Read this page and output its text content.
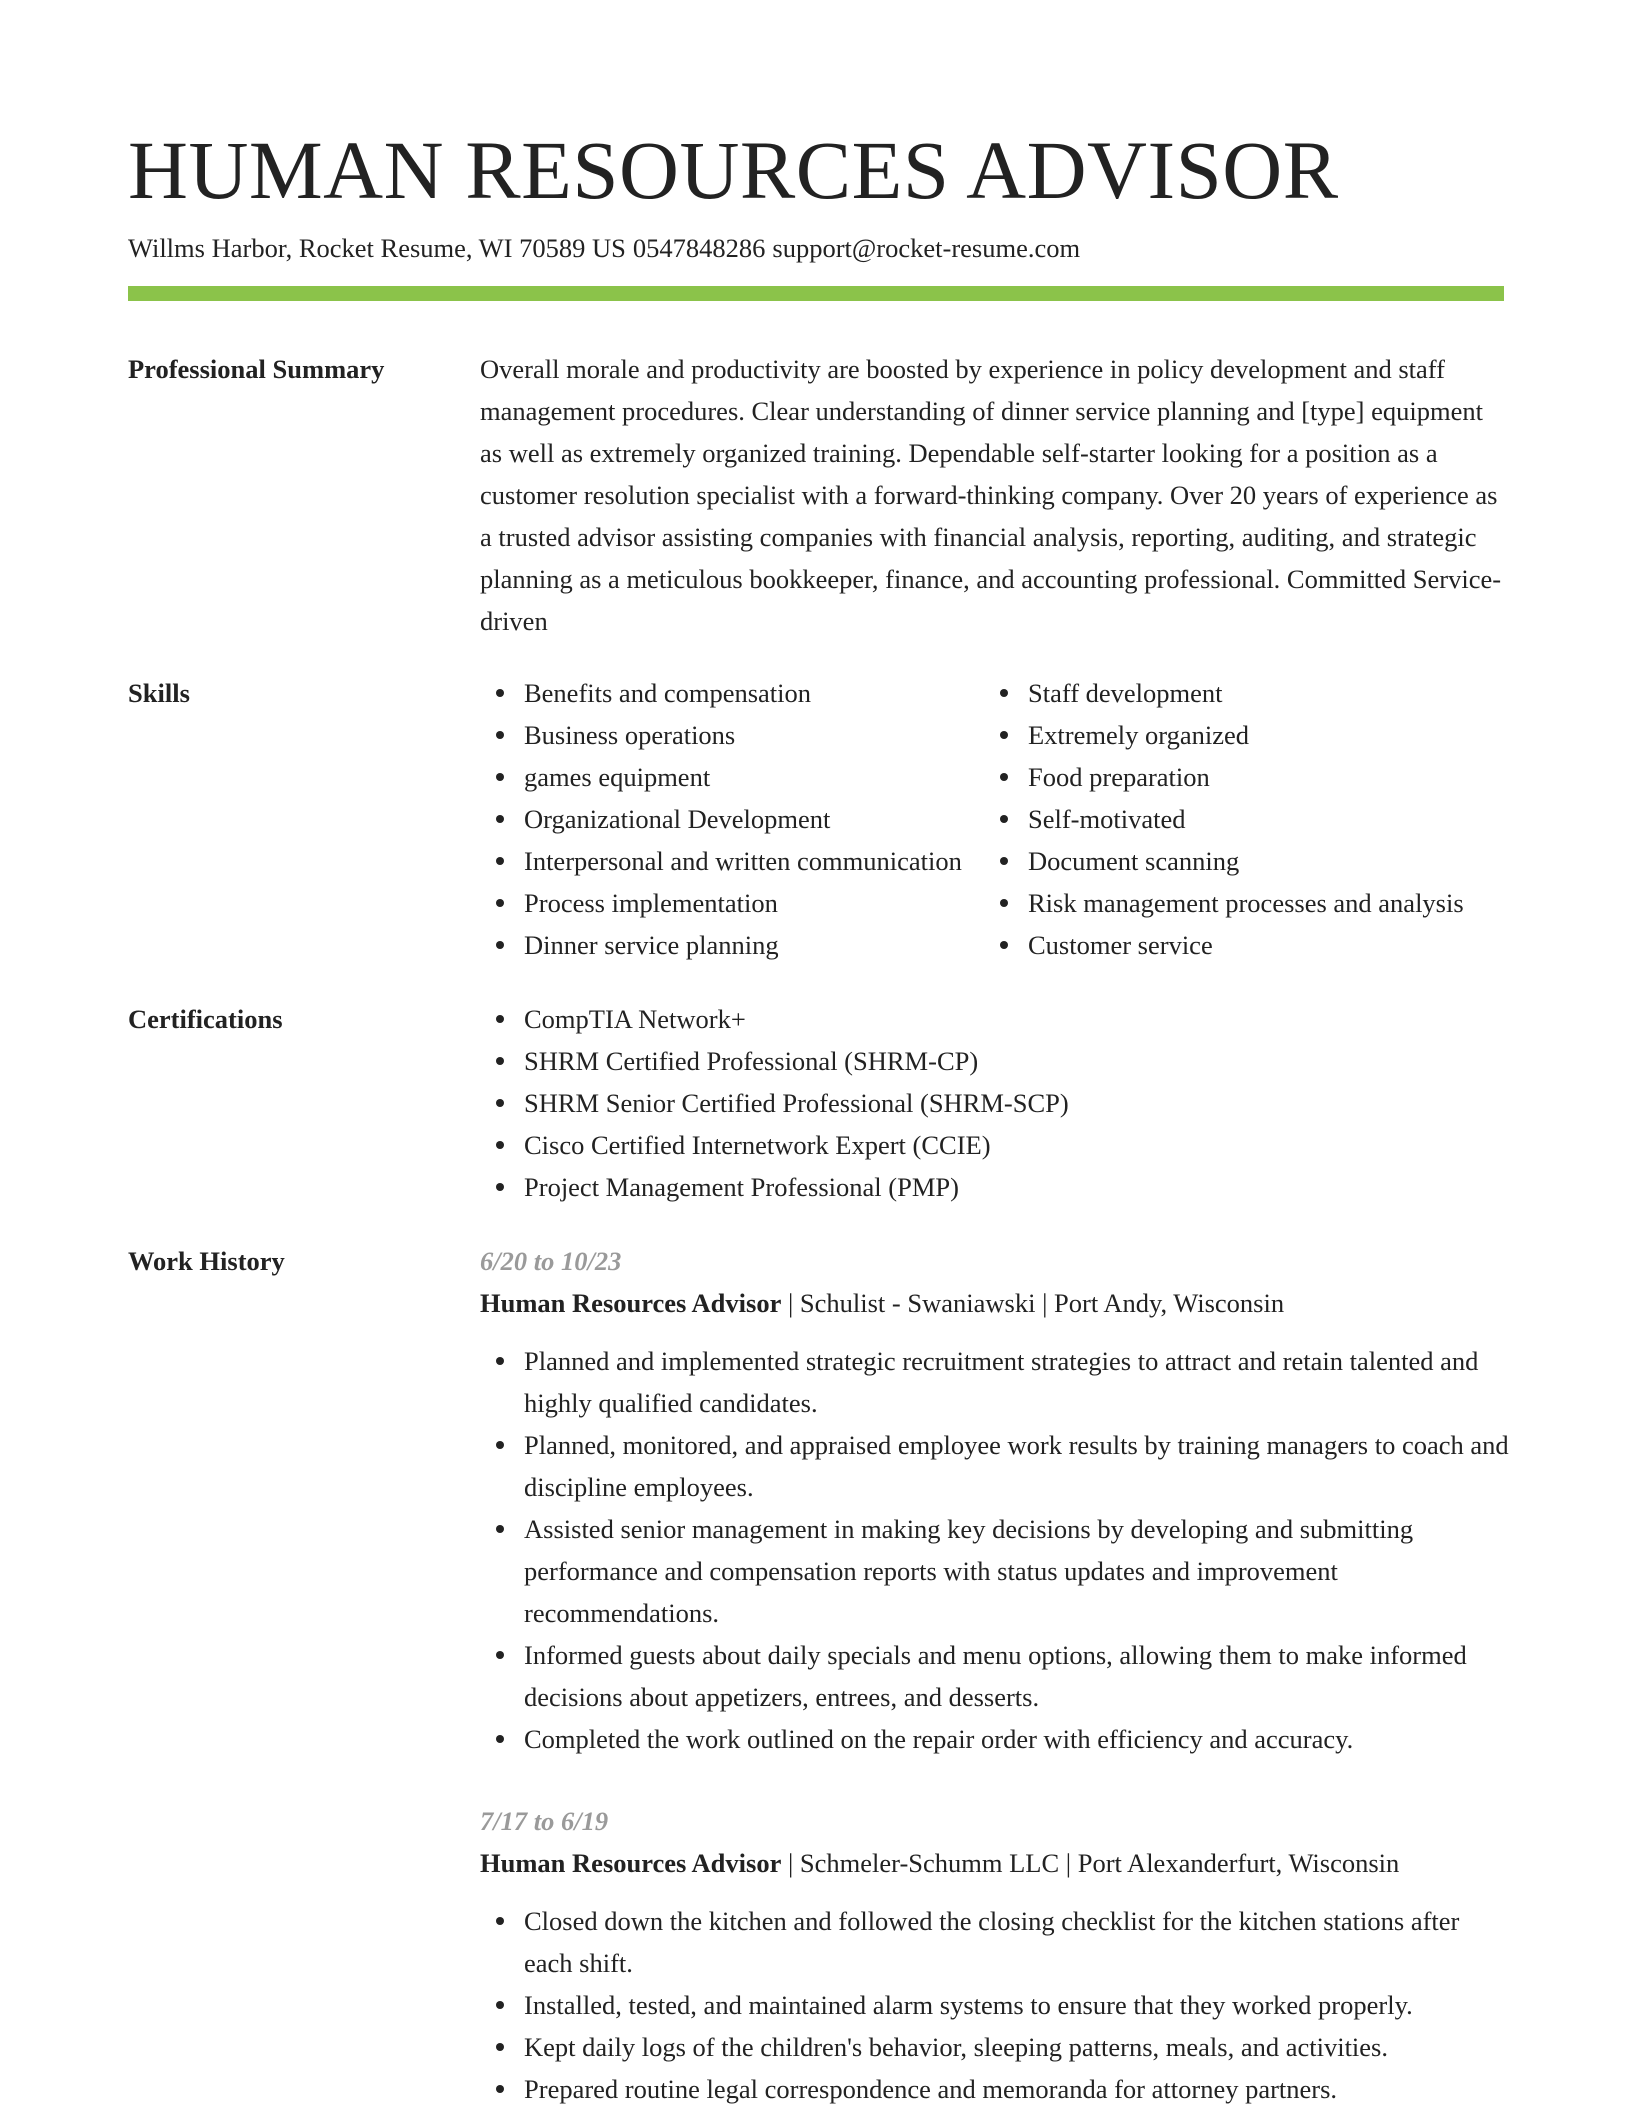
HUMAN RESOURCES ADVISOR
Willms Harbor, Rocket Resume, WI 70589 US 0547848286 support@rocket-resume.com
Professional Summary	Overall morale and productivity are boosted by experience in policy development and staff management procedures. Clear understanding of dinner service planning and [type] equipment as well as extremely organized training. Dependable self-starter looking for a position as a customer resolution specialist with a forward-thinking company. Over 20 years of experience as a trusted advisor assisting companies with financial analysis, reporting, auditing, and strategic planning as a meticulous bookkeeper, finance, and accounting professional. Committed Service-driven

Skills	Benefits and compensation
Business operations
games equipment
Organizational Development
Interpersonal and written communication
Process implementation
Dinner service planning
Staff development
Extremely organized
Food preparation
Self-motivated
Document scanning
Risk management processes and analysis
Customer service
Certifications	CompTIA Network+
SHRM Certified Professional (SHRM-CP)
SHRM Senior Certified Professional (SHRM-SCP)
Cisco Certified Internetwork Expert (CCIE)
Project Management Professional (PMP)
Work History	6/20 to 10/23
Human Resources Advisor | Schulist - Swaniawski | Port Andy, Wisconsin
Planned and implemented strategic recruitment strategies to attract and retain talented and highly qualified candidates.
Planned, monitored, and appraised employee work results by training managers to coach and discipline employees.
Assisted senior management in making key decisions by developing and submitting performance and compensation reports with status updates and improvement recommendations.
Informed guests about daily specials and menu options, allowing them to make informed decisions about appetizers, entrees, and desserts.
Completed the work outlined on the repair order with efficiency and accuracy.
7/17 to 6/19
Human Resources Advisor | Schmeler-Schumm LLC | Port Alexanderfurt, Wisconsin
Closed down the kitchen and followed the closing checklist for the kitchen stations after each shift.
Installed, tested, and maintained alarm systems to ensure that they worked properly.
Kept daily logs of the children's behavior, sleeping patterns, meals, and activities.
Prepared routine legal correspondence and memoranda for attorney partners.
